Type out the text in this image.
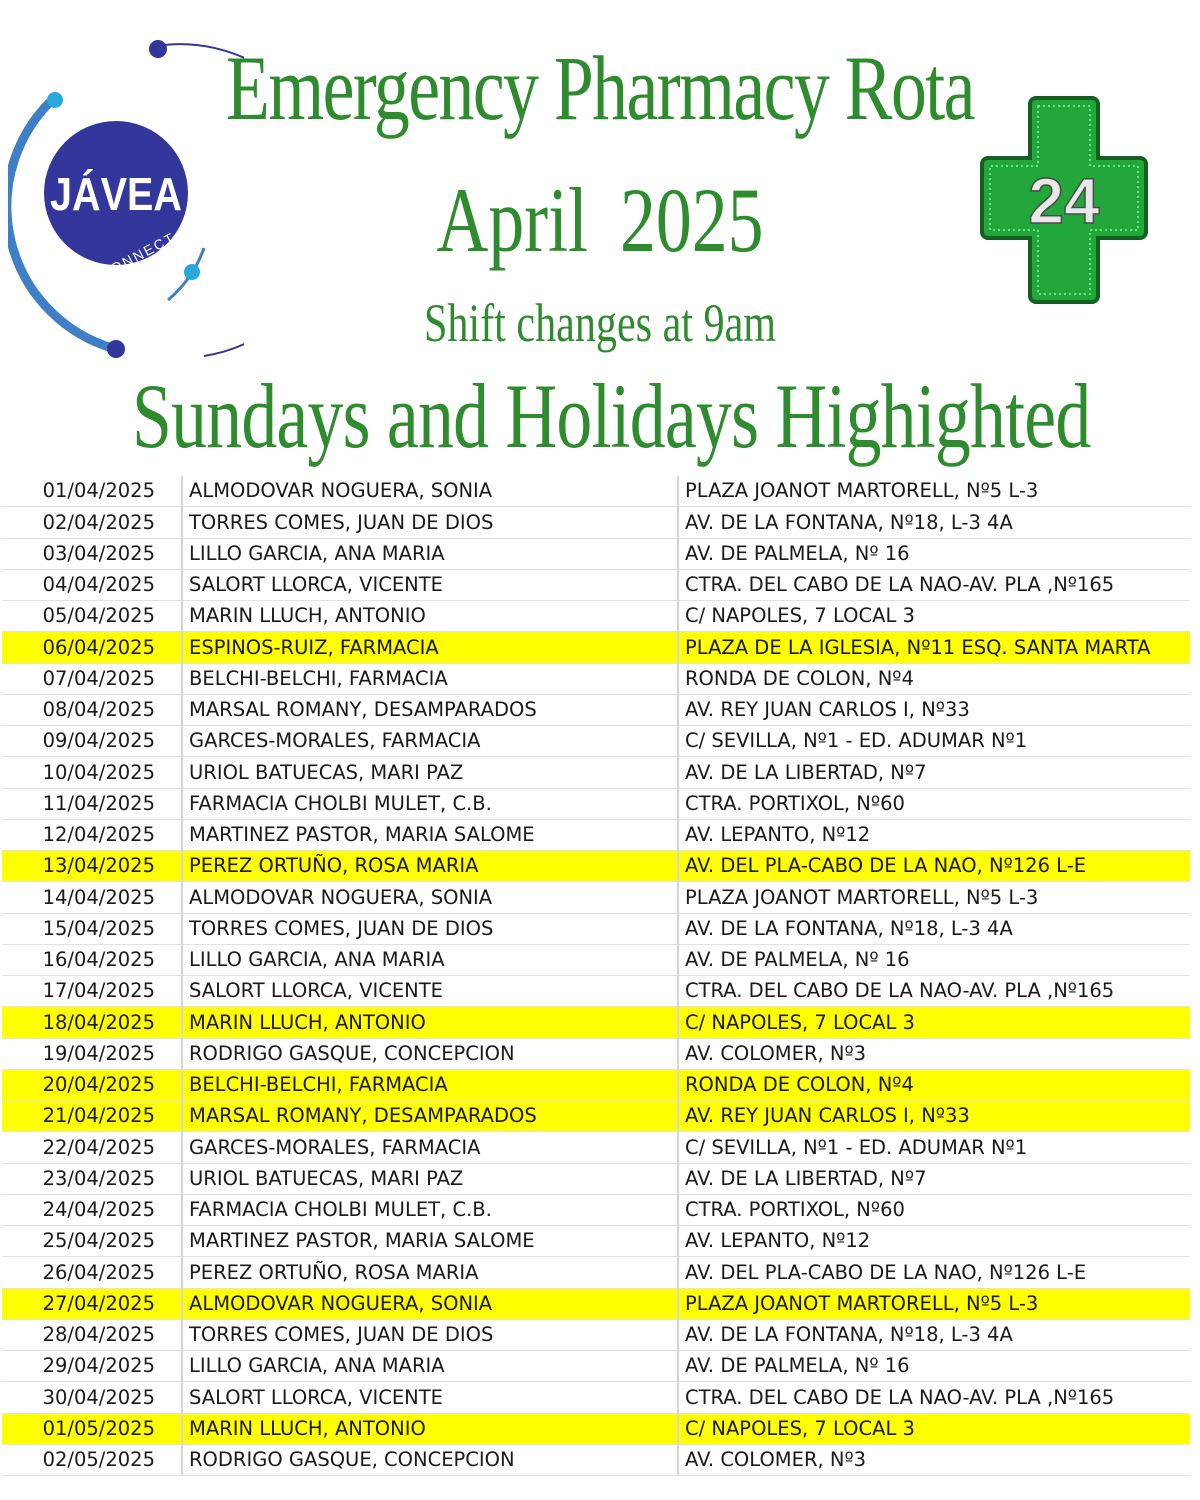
JÁVEA
CONNECT
Emergency Pharmacy Rota
April 2025
Shift changes at 9am
Sundays and Holidays Highighted
24
01/04/2025	ALMODOVAR NOGUERA, SONIA	PLAZA JOANOT MARTORELL, Nº5 L-3
02/04/2025	TORRES COMES, JUAN DE DIOS	AV. DE LA FONTANA, Nº18, L-3 4A
03/04/2025	LILLO GARCIA, ANA MARIA	AV. DE PALMELA, Nº 16
04/04/2025	SALORT LLORCA, VICENTE	CTRA. DEL CABO DE LA NAO-AV. PLA ,Nº165
05/04/2025	MARIN LLUCH, ANTONIO	C/ NAPOLES, 7 LOCAL 3
06/04/2025	ESPINOS-RUIZ, FARMACIA	PLAZA DE LA IGLESIA, Nº11 ESQ. SANTA MARTA
07/04/2025	BELCHI-BELCHI, FARMACIA	RONDA DE COLON, Nº4
08/04/2025	MARSAL ROMANY, DESAMPARADOS	AV. REY JUAN CARLOS I, Nº33
09/04/2025	GARCES-MORALES, FARMACIA	C/ SEVILLA, Nº1 - ED. ADUMAR Nº1
10/04/2025	URIOL BATUECAS, MARI PAZ	AV. DE LA LIBERTAD, Nº7
11/04/2025	FARMACIA CHOLBI MULET, C.B.	CTRA. PORTIXOL, Nº60
12/04/2025	MARTINEZ PASTOR, MARIA SALOME	AV. LEPANTO, Nº12
13/04/2025	PEREZ ORTUÑO, ROSA MARIA	AV. DEL PLA-CABO DE LA NAO, Nº126 L-E
14/04/2025	ALMODOVAR NOGUERA, SONIA	PLAZA JOANOT MARTORELL, Nº5 L-3
15/04/2025	TORRES COMES, JUAN DE DIOS	AV. DE LA FONTANA, Nº18, L-3 4A
16/04/2025	LILLO GARCIA, ANA MARIA	AV. DE PALMELA, Nº 16
17/04/2025	SALORT LLORCA, VICENTE	CTRA. DEL CABO DE LA NAO-AV. PLA ,Nº165
18/04/2025	MARIN LLUCH, ANTONIO	C/ NAPOLES, 7 LOCAL 3
19/04/2025	RODRIGO GASQUE, CONCEPCION	AV. COLOMER, Nº3
20/04/2025	BELCHI-BELCHI, FARMACIA	RONDA DE COLON, Nº4
21/04/2025	MARSAL ROMANY, DESAMPARADOS	AV. REY JUAN CARLOS I, Nº33
22/04/2025	GARCES-MORALES, FARMACIA	C/ SEVILLA, Nº1 - ED. ADUMAR Nº1
23/04/2025	URIOL BATUECAS, MARI PAZ	AV. DE LA LIBERTAD, Nº7
24/04/2025	FARMACIA CHOLBI MULET, C.B.	CTRA. PORTIXOL, Nº60
25/04/2025	MARTINEZ PASTOR, MARIA SALOME	AV. LEPANTO, Nº12
26/04/2025	PEREZ ORTUÑO, ROSA MARIA	AV. DEL PLA-CABO DE LA NAO, Nº126 L-E
27/04/2025	ALMODOVAR NOGUERA, SONIA	PLAZA JOANOT MARTORELL, Nº5 L-3
28/04/2025	TORRES COMES, JUAN DE DIOS	AV. DE LA FONTANA, Nº18, L-3 4A
29/04/2025	LILLO GARCIA, ANA MARIA	AV. DE PALMELA, Nº 16
30/04/2025	SALORT LLORCA, VICENTE	CTRA. DEL CABO DE LA NAO-AV. PLA ,Nº165
01/05/2025	MARIN LLUCH, ANTONIO	C/ NAPOLES, 7 LOCAL 3
02/05/2025	RODRIGO GASQUE, CONCEPCION	AV. COLOMER, Nº3
